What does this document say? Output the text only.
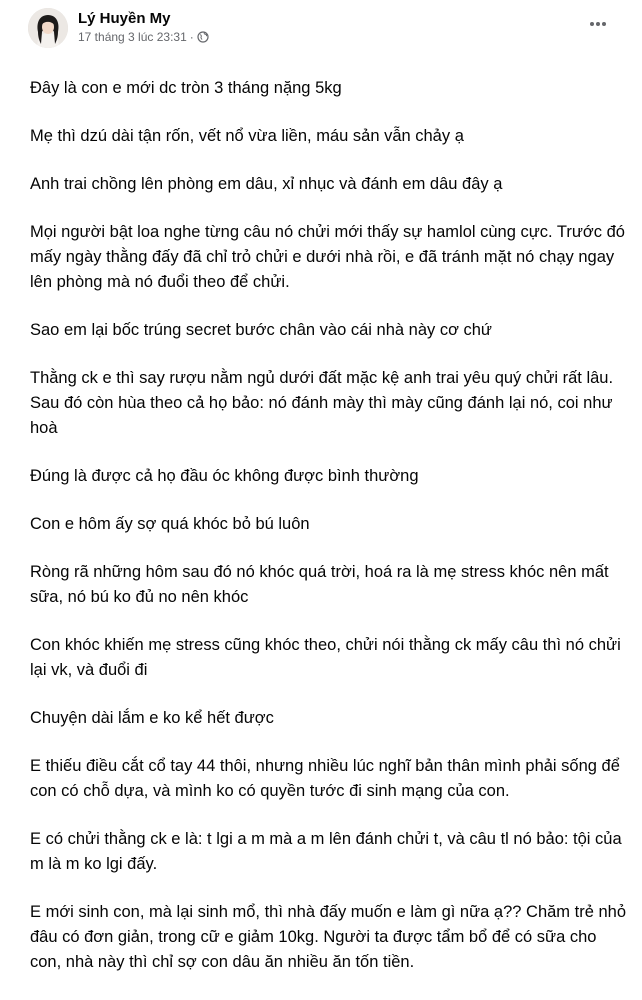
Lý Huyền My
17 tháng 3 lúc 23:31 ·

Đây là con e mới dc tròn 3 tháng nặng 5kg

Mẹ thì dzú dài tận rốn, vết nổ vừa liền, máu sản vẫn chảy ạ

Anh trai chồng lên phòng em dâu, xỉ nhục và đánh em dâu đây ạ

Mọi người bật loa nghe từng câu nó chửi mới thấy sự hamlol cùng cực. Trước đó mấy ngày thằng đấy đã chỉ trỏ chửi e dưới nhà rồi, e đã tránh mặt nó chạy ngay lên phòng mà nó đuổi theo để chửi.

Sao em lại bốc trúng secret bước chân vào cái nhà này cơ chứ

Thằng ck e thì say rượu nằm ngủ dưới đất mặc kệ anh trai yêu quý chửi rất lâu. Sau đó còn hùa theo cả họ bảo: nó đánh mày thì mày cũng đánh lại nó, coi như hoà

Đúng là được cả họ đầu óc không được bình thường

Con e hôm ấy sợ quá khóc bỏ bú luôn

Ròng rã những hôm sau đó nó khóc quá trời, hoá ra là mẹ stress khóc nên mất sữa, nó bú ko đủ no nên khóc

Con khóc khiến mẹ stress cũng khóc theo, chửi nói thằng ck mấy câu thì nó chửi lại vk, và đuổi đi

Chuyện dài lắm e ko kể hết được

E thiếu điều cắt cổ tay 44 thôi, nhưng nhiều lúc nghĩ bản thân mình phải sống để con có chỗ dựa, và mình ko có quyền tước đi sinh mạng của con.

E có chửi thằng ck e là: t lgi a m mà a m lên đánh chửi t, và câu tl nó bảo: tội của m là m ko lgi đấy.

E mới sinh con, mà lại sinh mổ, thì nhà đấy muốn e làm gì nữa ạ?? Chăm trẻ nhỏ đâu có đơn giản, trong cữ e giảm 10kg. Người ta được tẩm bổ để có sữa cho con, nhà này thì chỉ sợ con dâu ăn nhiều ăn tốn tiền.
